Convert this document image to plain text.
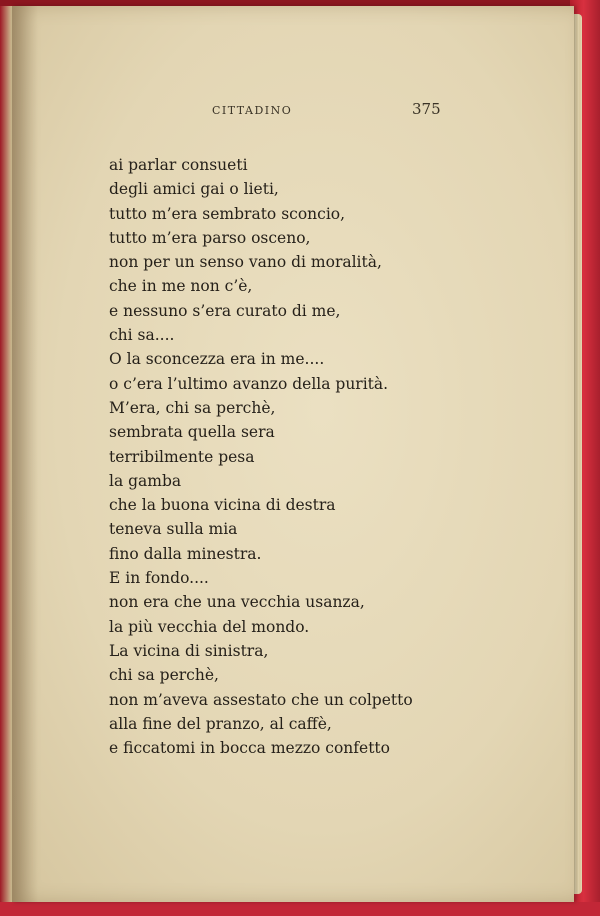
CITTADINO	375
ai parlar consueti
degli amici gai o lieti,
tutto m’era sembrato sconcio,
tutto m’era parso osceno,
non per un senso vano di moralità,
che in me non c’è,
e nessuno s’era curato di me,
chi sa....
O la sconcezza era in me....
o c’era l’ultimo avanzo della purità.
M’era, chi sa perchè,
sembrata quella sera
terribilmente pesa
la gamba
che la buona vicina di destra
teneva sulla mia
fino dalla minestra.
E in fondo....
non era che una vecchia usanza,
la più vecchia del mondo.
La vicina di sinistra,
chi sa perchè,
non m’aveva assestato che un colpetto
alla fine del pranzo, al caffè,
e ficcatomi in bocca mezzo confetto
